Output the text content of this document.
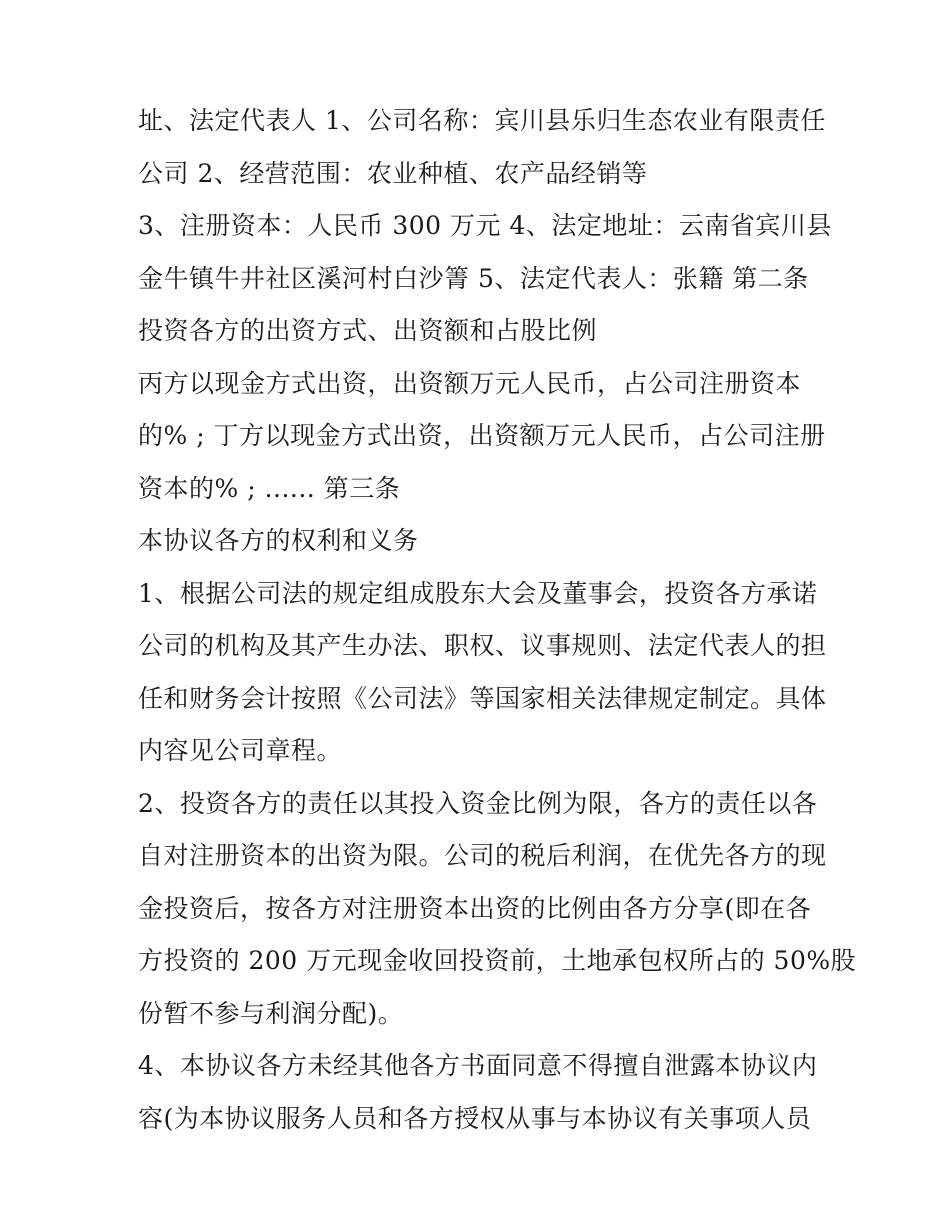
址、法定代表人 1、公司名称：宾川县乐归生态农业有限责任
公司 2、经营范围：农业种植、农产品经销等
3、注册资本：人民币 300 万元 4、法定地址：云南省宾川县
金牛镇牛井社区溪河村白沙箐 5、法定代表人：张籍 第二条
投资各方的出资方式、出资额和占股比例
丙方以现金方式出资，出资额万元人民币，占公司注册资本
的% ; 丁方以现金方式出资，出资额万元人民币，占公司注册
资本的% ; ...... 第三条
本协议各方的权利和义务
1、根据公司法的规定组成股东大会及董事会，投资各方承诺
公司的机构及其产生办法、职权、议事规则、法定代表人的担
任和财务会计按照《公司法》等国家相关法律规定制定。具体
内容见公司章程。
2、投资各方的责任以其投入资金比例为限，各方的责任以各
自对注册资本的出资为限。公司的税后利润，在优先各方的现
金投资后，按各方对注册资本出资的比例由各方分享(即在各
方投资的 200 万元现金收回投资前，土地承包权所占的 50%股
份暂不参与利润分配)。
4、本协议各方未经其他各方书面同意不得擅自泄露本协议内
容(为本协议服务人员和各方授权从事与本协议有关事项人员
